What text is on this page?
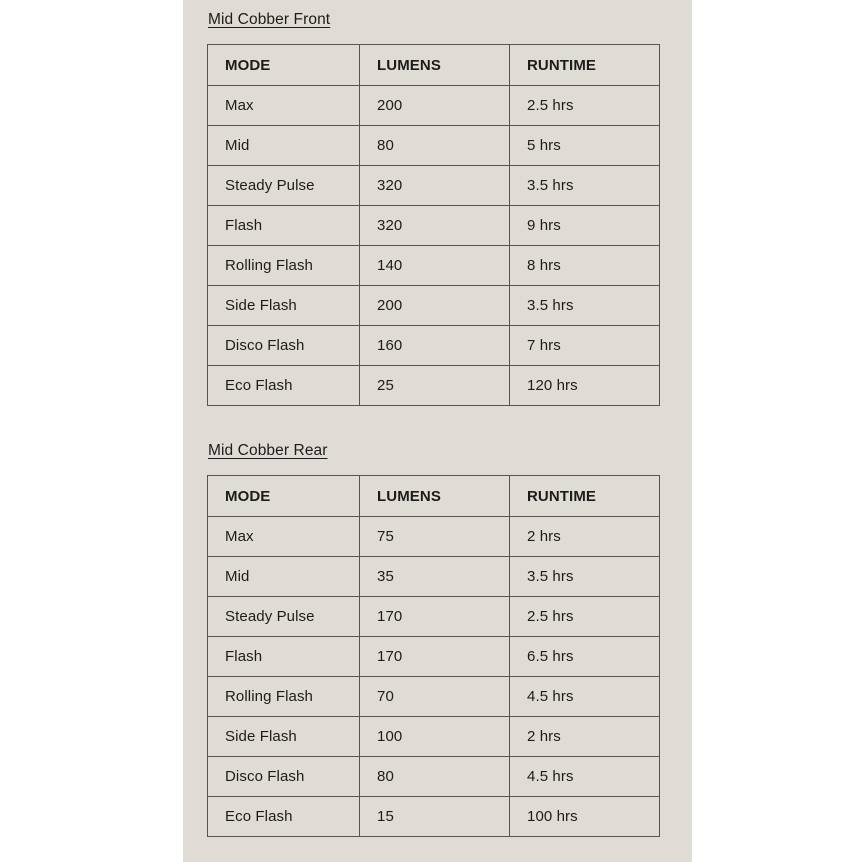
Mid Cobber Front
MODE	LUMENS	RUNTIME
Max	200	2.5 hrs
Mid	80	5 hrs
Steady Pulse	320	3.5 hrs
Flash	320	9 hrs
Rolling Flash	140	8 hrs
Side Flash	200	3.5 hrs
Disco Flash	160	7 hrs
Eco Flash	25	120 hrs
Mid Cobber Rear
MODE	LUMENS	RUNTIME
Max	75	2 hrs
Mid	35	3.5 hrs
Steady Pulse	170	2.5 hrs
Flash	170	6.5 hrs
Rolling Flash	70	4.5 hrs
Side Flash	100	2 hrs
Disco Flash	80	4.5 hrs
Eco Flash	15	100 hrs
